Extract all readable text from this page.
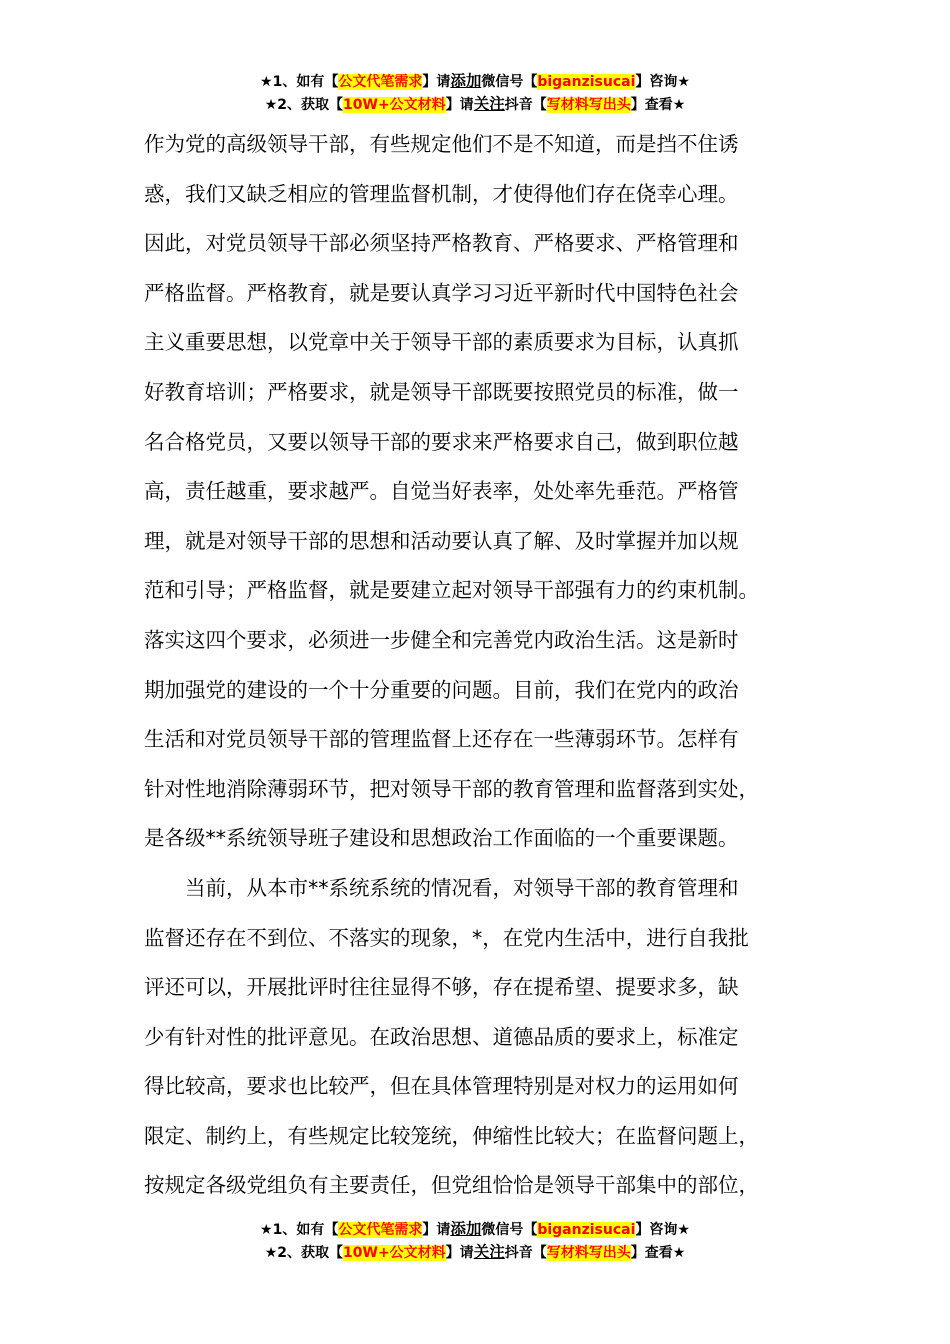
★1、如有【公文代笔需求】请添加微信号【biganzisucai】咨询★
★2、获取【10W+公文材料】请关注抖音【写材料写出头】查看★
作为党的高级领导干部，有些规定他们不是不知道，而是挡不住诱
惑，我们又缺乏相应的管理监督机制，才使得他们存在侥幸心理。
因此，对党员领导干部必须坚持严格教育、严格要求、严格管理和
严格监督。严格教育，就是要认真学习习近平新时代中国特色社会
主义重要思想，以党章中关于领导干部的素质要求为目标，认真抓
好教育培训；严格要求，就是领导干部既要按照党员的标准，做一
名合格党员，又要以领导干部的要求来严格要求自己，做到职位越
高，责任越重，要求越严。自觉当好表率，处处率先垂范。严格管
理，就是对领导干部的思想和活动要认真了解、及时掌握并加以规
范和引导；严格监督，就是要建立起对领导干部强有力的约束机制。
落实这四个要求，必须进一步健全和完善党内政治生活。这是新时
期加强党的建设的一个十分重要的问题。目前，我们在党内的政治
生活和对党员领导干部的管理监督上还存在一些薄弱环节。怎样有
针对性地消除薄弱环节，把对领导干部的教育管理和监督落到实处，
是各级**系统领导班子建设和思想政治工作面临的一个重要课题。
当前，从本市**系统系统的情况看，对领导干部的教育管理和
监督还存在不到位、不落实的现象，*，在党内生活中，进行自我批
评还可以，开展批评时往往显得不够，存在提希望、提要求多，缺
少有针对性的批评意见。在政治思想、道德品质的要求上，标准定
得比较高，要求也比较严，但在具体管理特别是对权力的运用如何
限定、制约上，有些规定比较笼统，伸缩性比较大；在监督问题上，
按规定各级党组负有主要责任，但党组恰恰是领导干部集中的部位，
★1、如有【公文代笔需求】请添加微信号【biganzisucai】咨询★
★2、获取【10W+公文材料】请关注抖音【写材料写出头】查看★
